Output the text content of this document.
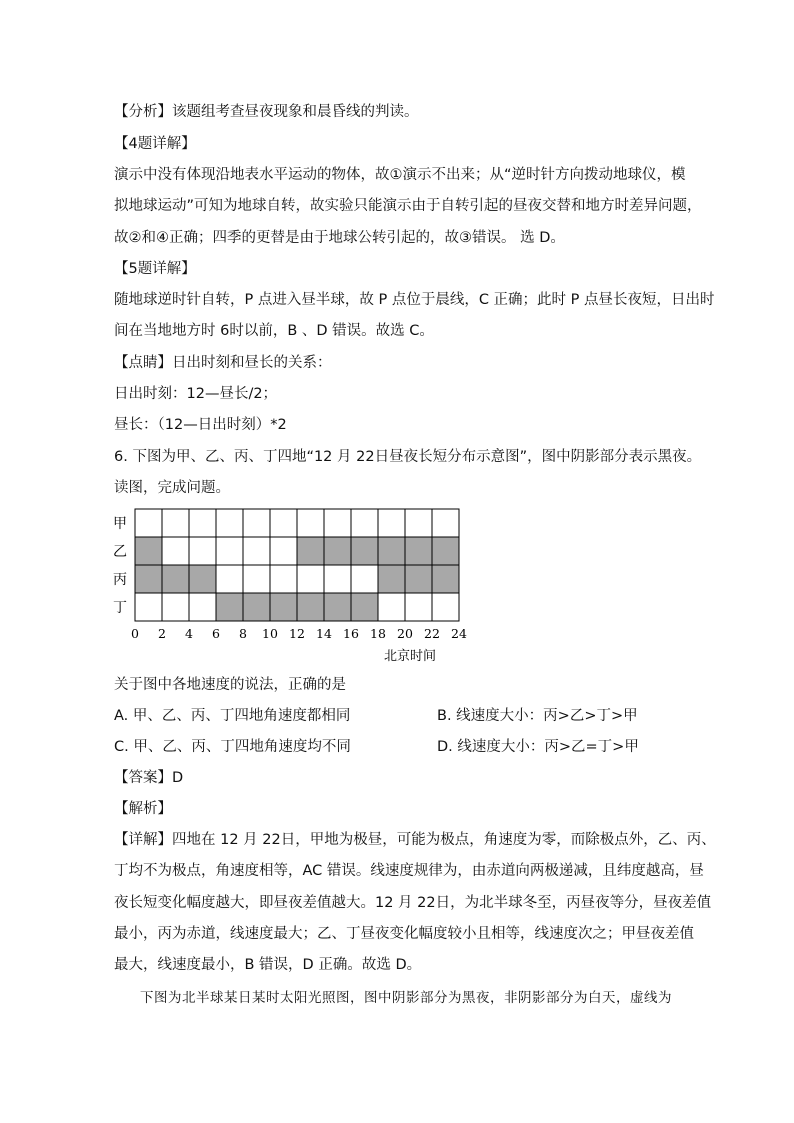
【分析】该题组考查昼夜现象和晨昏线的判读。
【4题详解】
演示中没有体现沿地表水平运动的物体，故①演示不出来；从“逆时针方向拨动地球仪，模
拟地球运动”可知为地球自转，故实验只能演示由于自转引起的昼夜交替和地方时差异问题，
故②和④正确；四季的更替是由于地球公转引起的，故③错误。 选 D。
【5题详解】
随地球逆时针自转，P 点进入昼半球，故 P 点位于晨线，C 正确；此时 P 点昼长夜短，日出时
间在当地地方时 6时以前，B 、D 错误。故选 C。
【点睛】日出时刻和昼长的关系：
日出时刻：12—昼长/2；
昼长：（12—日出时刻）*2
6. 下图为甲、乙、丙、丁四地“12 月 22日昼夜长短分布示意图”，图中阴影部分表示黑夜。
读图，完成问题。
甲
乙
丙
丁
0 2 4 6 8 10 12 14 16 18 20 22 24
北京时间
关于图中各地速度的说法，正确的是
A. 甲、乙、丙、丁四地角速度都相同	B. 线速度大小：丙>乙>丁>甲
C. 甲、乙、丙、丁四地角速度均不同	D. 线速度大小：丙>乙=丁>甲
【答案】D
【解析】
【详解】四地在 12 月 22日，甲地为极昼，可能为极点，角速度为零，而除极点外，乙、丙、
丁均不为极点，角速度相等，AC 错误。线速度规律为，由赤道向两极递减，且纬度越高，昼
夜长短变化幅度越大，即昼夜差值越大。12 月 22日，为北半球冬至，丙昼夜等分，昼夜差值
最小，丙为赤道，线速度最大；乙、丁昼夜变化幅度较小且相等，线速度次之；甲昼夜差值
最大，线速度最小，B 错误，D 正确。故选 D。
下图为北半球某日某时太阳光照图，图中阴影部分为黑夜，非阴影部分为白天，虚线为
